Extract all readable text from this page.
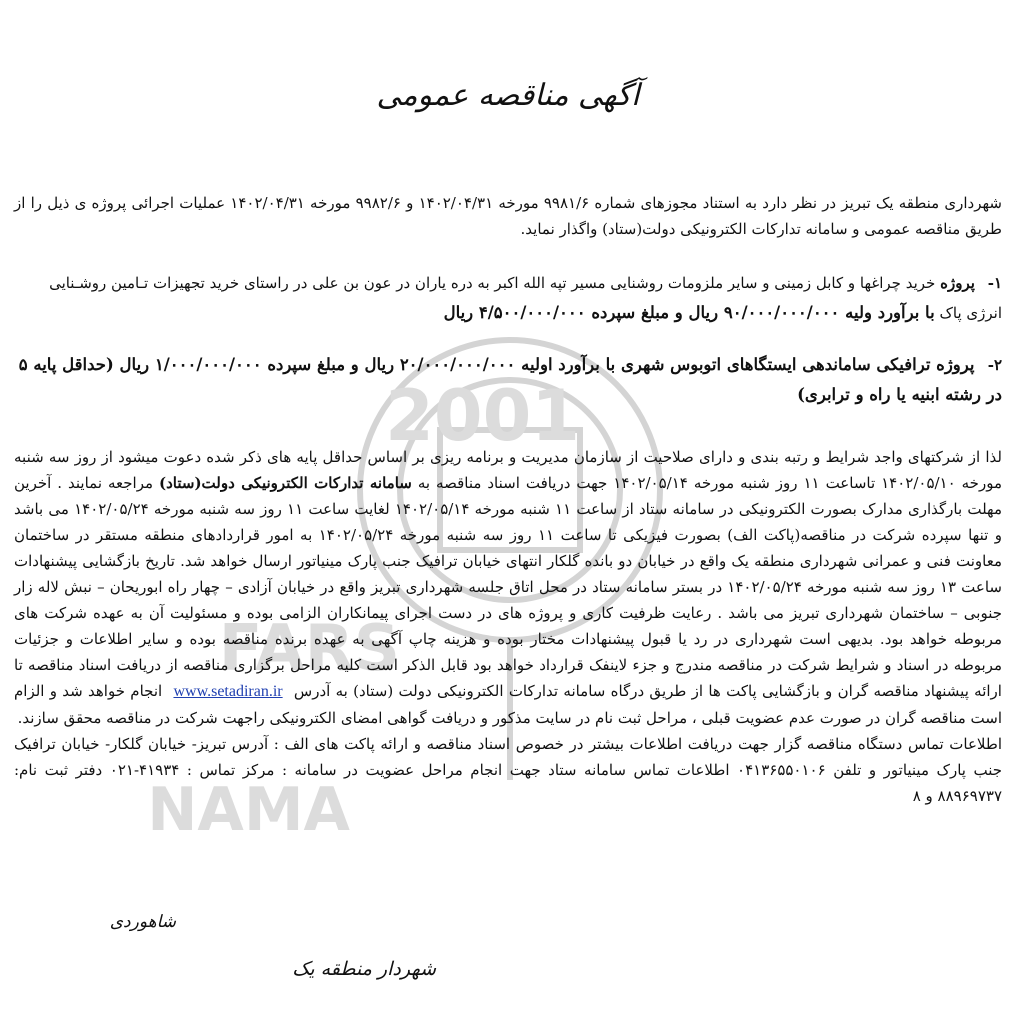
FARS
2001
NAMA
آگهی مناقصه عمومی

شهرداری منطقه یک تبریز در نظر دارد به استناد مجوزهای شماره ۹۹۸۱/۶ مورخه ۱۴۰۲/۰۴/۳۱ و ۹۹۸۲/۶ مورخه ۱۴۰۲/۰۴/۳۱ عملیات اجرائی پروژه ی ذیل را از طریق مناقصه عمومی و سامانه تدارکات الکترونیکی دولت(ستاد) واگذار نماید.

۱- پروژه خرید چراغها و کابل زمینی و سایر ملزومات روشنایی مسیر تپه الله اکبر به دره یاران در عون بن علی در راستای خرید تجهیزات تـامین روشـنایی انرژی پاک با برآورد ولیه ۹۰/۰۰۰/۰۰۰/۰۰۰ ریال و مبلغ سپرده ۴/۵۰۰/۰۰۰/۰۰۰ ریال

۲- پروژه ترافیکی ساماندهی ایستگاهای اتوبوس شهری با برآورد اولیه ۲۰/۰۰۰/۰۰۰/۰۰۰ ریال و مبلغ سپرده ۱/۰۰۰/۰۰۰/۰۰۰ ریال (حداقل پایه ۵ در رشته ابنیه یا راه و ترابری)

لذا از شرکتهای واجد شرایط و رتبه بندی و دارای صلاحیت از سازمان مدیریت و برنامه ریزی بر اساس حداقل پایه های ذکر شده دعوت میشود از روز سه شنبه مورخه ۱۴۰۲/۰۵/۱۰ تاساعت ۱۱ روز شنبه مورخه ۱۴۰۲/۰۵/۱۴ جهت دریافت اسناد مناقصه به سامانه تدارکات الکترونیکی دولت(ستاد) مراجعه نمایند . آخرین مهلت بارگذاری مدارک بصورت الکترونیکی در سامانه ستاد از ساعت ۱۱ شنبه مورخه ۱۴۰۲/۰۵/۱۴ لغایت ساعت ۱۱ روز سه شنبه مورخه ۱۴۰۲/۰۵/۲۴ می باشد و تنها سپرده شرکت در مناقصه(پاکت الف) بصورت فیزیکی تا ساعت ۱۱ روز سه شنبه مورخه ۱۴۰۲/۰۵/۲۴ به امور قراردادهای منطقه مستقر در ساختمان معاونت فنی و عمرانی شهرداری منطقه یک واقع در خیابان دو بانده گلکار انتهای خیابان ترافیک جنب پارک مینیاتور ارسال خواهد شد. تاریخ بازگشایی پیشنهادات ساعت ۱۳ روز سه شنبه مورخه ۱۴۰۲/۰۵/۲۴ در بستر سامانه ستاد در محل اتاق جلسه شهرداری تبریز واقع در خیابان آزادی – چهار راه ابوریحان – نبش لاله زار جنوبی – ساختمان شهرداری تبریز می باشد . رعایت ظرفیت کاری و پروژه های در دست اجرای پیمانکاران الزامی بوده و مسئولیت آن به عهده شرکت های مربوطه خواهد بود. بدیهی است شهرداری در رد یا قبول پیشنهادات مختار بوده و هزینه چاپ آگهی به عهده برنده مناقصه بوده و سایر اطلاعات و جزئیات مربوطه در اسناد و شرایط شرکت در مناقصه مندرج و جزء لاینفک قرارداد خواهد بود قابل الذکر است کلیه مراحل برگزاری مناقصه از دریافت اسناد مناقصه تا ارائه پیشنهاد مناقصه گران و بازگشایی پاکت ها از طریق درگاه سامانه تدارکات الکترونیکی دولت (ستاد) به آدرس www.setadiran.ir انجام خواهد شد و الزام است مناقصه گران در صورت عدم عضویت قبلی ، مراحل ثبت نام در سایت مذکور و دریافت گواهی امضای الکترونیکی راجهت شرکت در مناقصه محقق سازند.

اطلاعات تماس دستگاه مناقصه گزار جهت دریافت اطلاعات بیشتر در خصوص اسناد مناقصه و ارائه پاکت های الف : آدرس تبریز- خیابان گلکار- خیابان ترافیک جنب پارک مینیاتور و تلفن ۰۴۱۳۶۵۵۰۱۰۶ اطلاعات تماس سامانه ستاد جهت انجام مراحل عضویت در سامانه : مرکز تماس : ۴۱۹۳۴-۰۲۱ دفتر ثبت نام: ۸۸۹۶۹۷۳۷ و ۸

شاهوردی
شهردار منطقه یک
